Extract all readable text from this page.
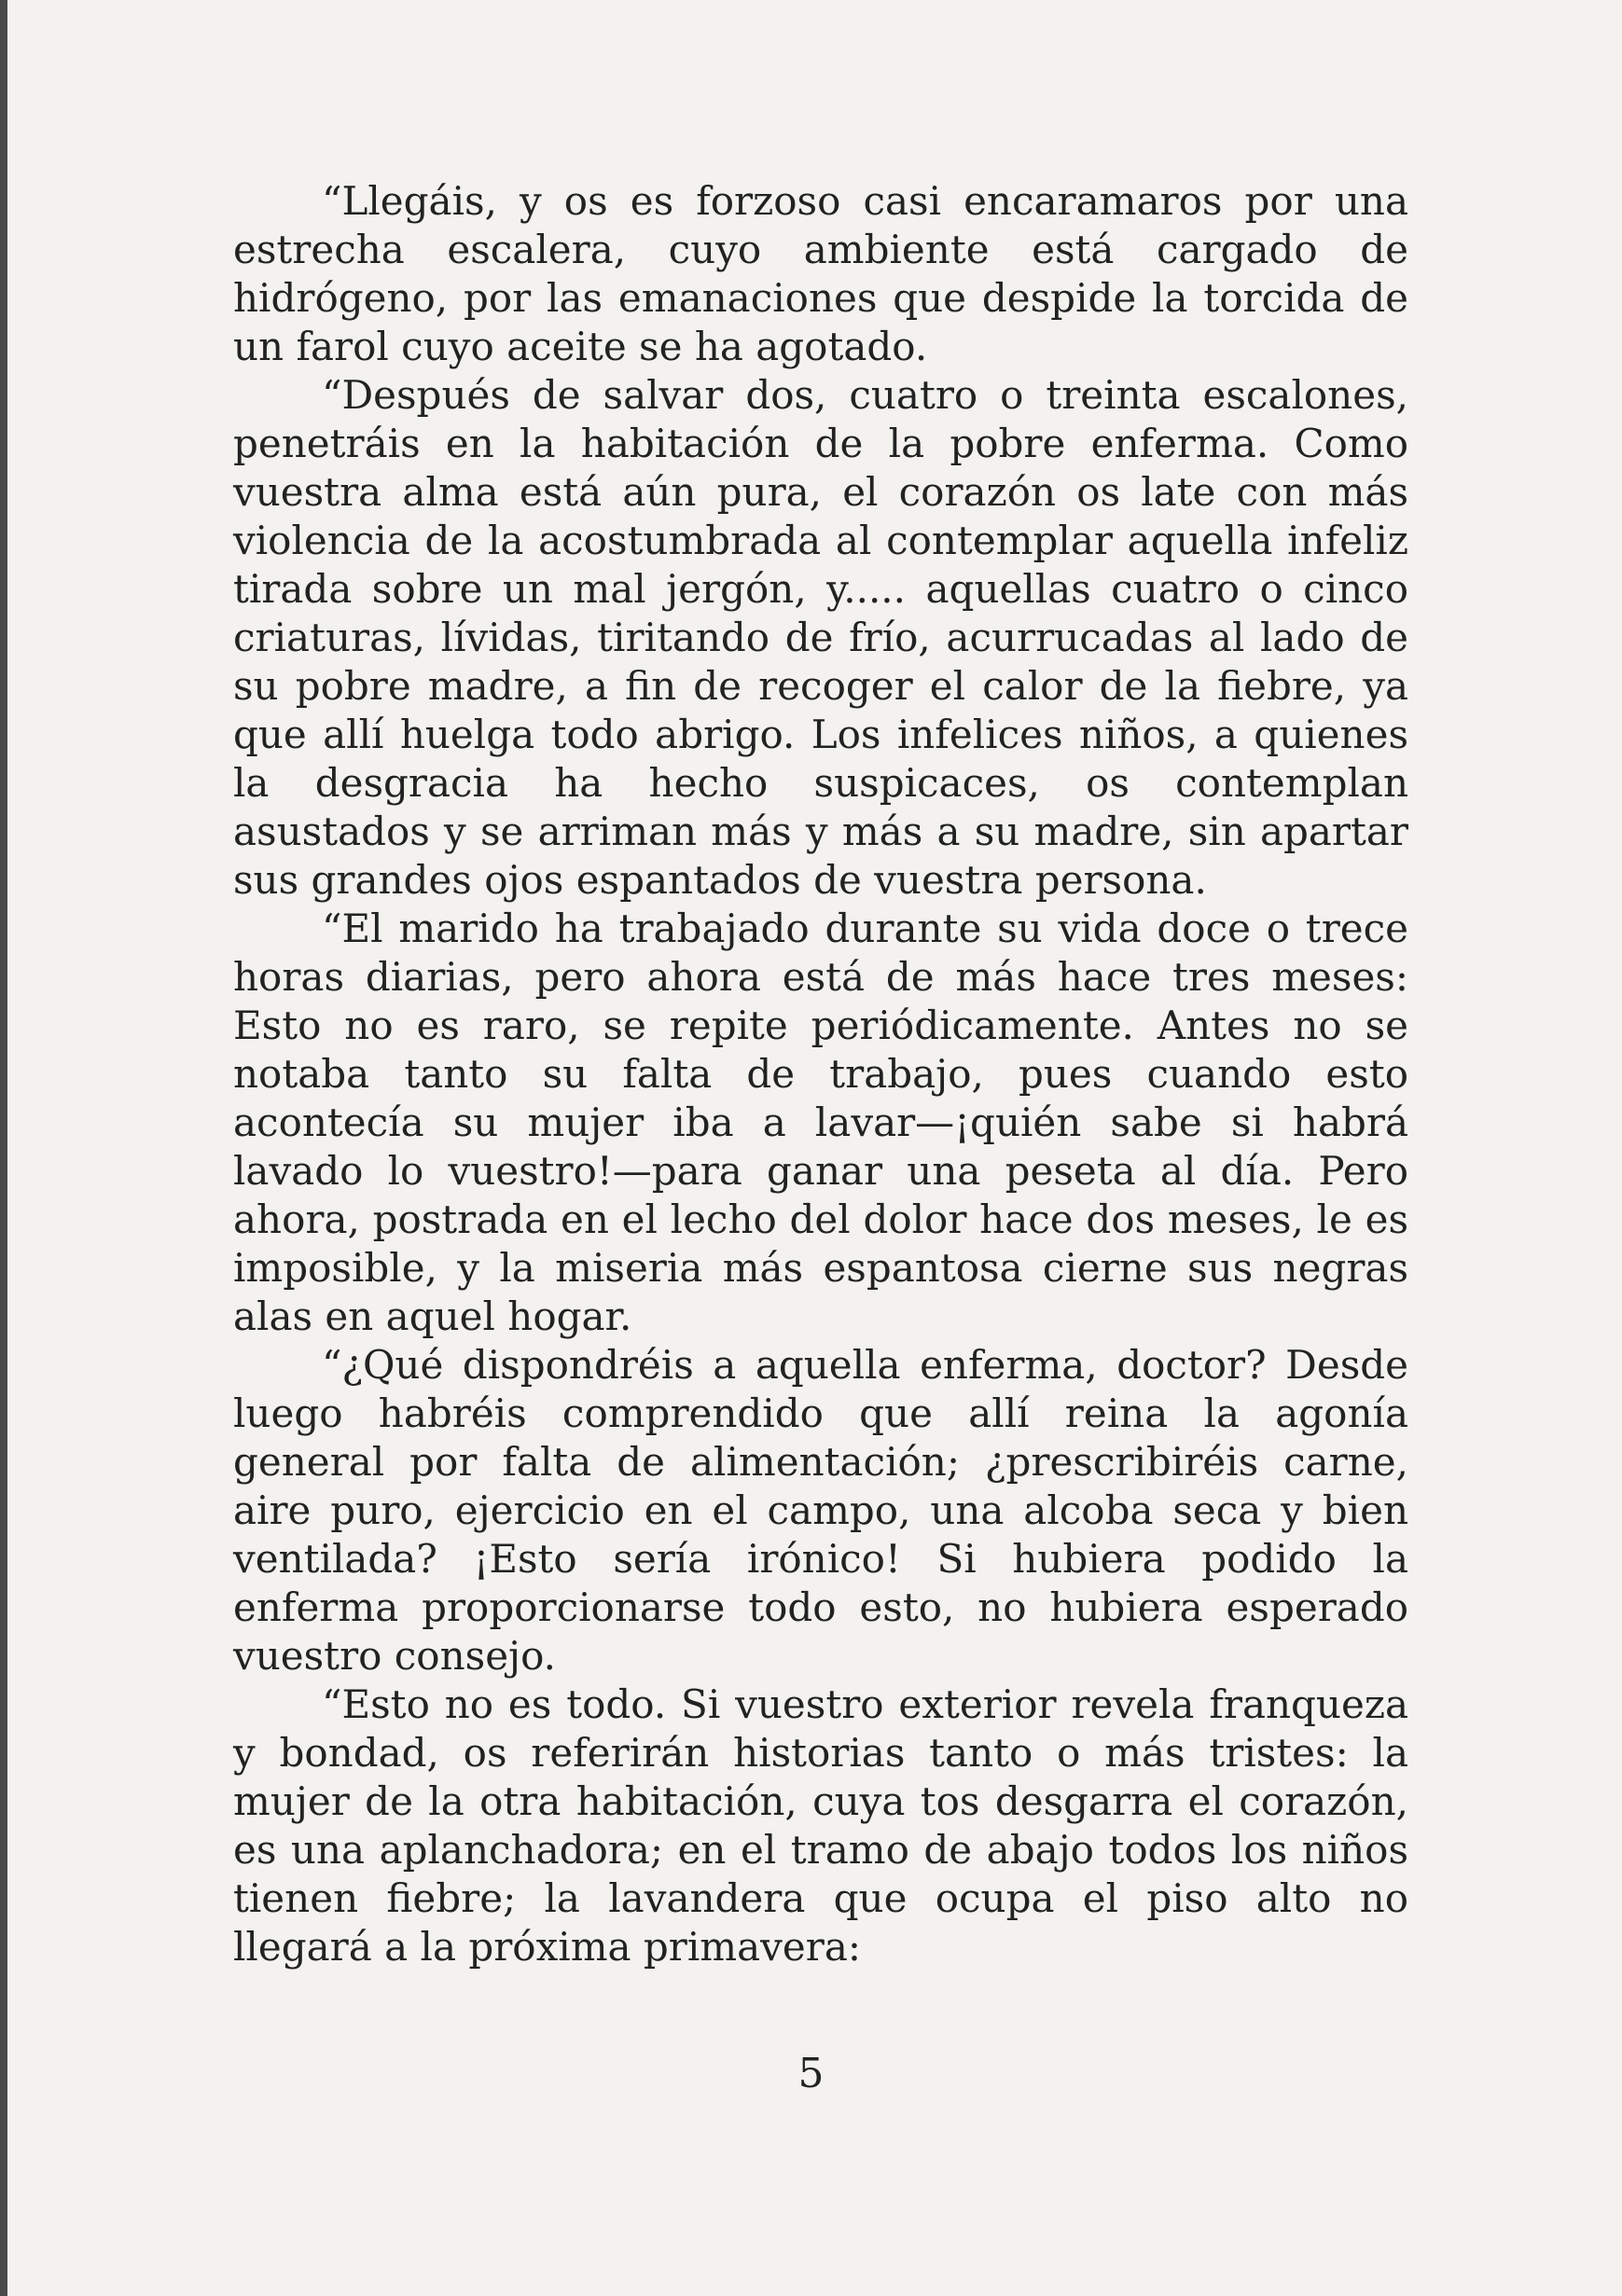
“Llegáis, y os es forzoso casi encaramaros por una estrecha escalera, cuyo ambiente está cargado de hidrógeno, por las emanaciones que despide la torcida de un farol cuyo aceite se ha agotado.

“Después de salvar dos, cuatro o treinta escalones, penetráis en la habitación de la pobre enferma. Como vuestra alma está aún pura, el corazón os late con más violencia de la acostumbrada al contemplar aquella infeliz tirada sobre un mal jergón, y..... aquellas cuatro o cinco criaturas, lívidas, tiritando de frío, acurrucadas al lado de su pobre madre, a fin de recoger el calor de la fiebre, ya que allí huelga todo abrigo. Los infelices niños, a quienes la desgracia ha hecho suspicaces, os contemplan asustados y se arriman más y más a su madre, sin apartar sus grandes ojos espantados de vuestra persona.

“El marido ha trabajado durante su vida doce o trece horas diarias, pero ahora está de más hace tres meses: Esto no es raro, se repite periódicamente. Antes no se notaba tanto su falta de trabajo, pues cuando esto acontecía su mujer iba a lavar—¡quién sabe si habrá lavado lo vuestro!—para ganar una peseta al día. Pero ahora, postrada en el lecho del dolor hace dos meses, le es imposible, y la miseria más espantosa cierne sus negras alas en aquel hogar.

“¿Qué dispondréis a aquella enferma, doctor? Desde luego habréis comprendido que allí reina la agonía general por falta de alimentación; ¿prescribiréis carne, aire puro, ejercicio en el campo, una alcoba seca y bien ventilada? ¡Esto sería irónico! Si hubiera podido la enferma proporcionarse todo esto, no hubiera esperado vuestro consejo.

“Esto no es todo. Si vuestro exterior revela franqueza y bondad, os referirán historias tanto o más tristes: la mujer de la otra habitación, cuya tos desgarra el corazón, es una aplanchadora; en el tramo de abajo todos los niños tienen fiebre; la lavandera que ocupa el piso alto no llegará a la próxima primavera:

5
